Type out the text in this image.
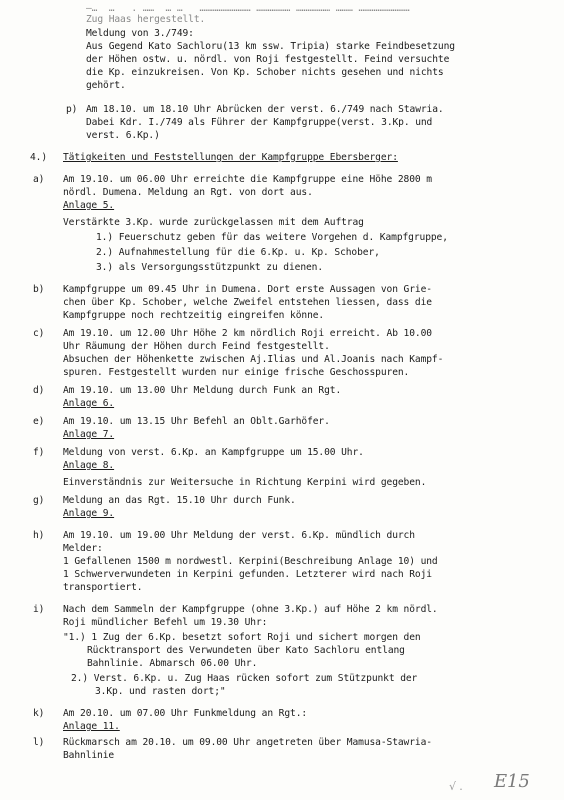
–…  …   . ……  … …   ……………………… ……………… ……………… ……… ………………………
Zug Haas hergestellt.
Meldung von 3./749:
Aus Gegend Kato Sachloru(13 km ssw. Tripia) starke Feindbesetzung
der Höhen ostw. u. nördl. von Roji festgestellt. Feind versuchte
die Kp. einzukreisen. Von Kp. Schober nichts gesehen und nichts
gehört.
p) Am 18.10. um 18.10 Uhr Abrücken der verst. 6./749 nach Stawria.
Dabei Kdr. I./749 als Führer der Kampfgruppe(verst. 3.Kp. und
verst. 6.Kp.)
4.) Tätigkeiten und Feststellungen der Kampfgruppe Ebersberger:
a) Am 19.10. um 06.00 Uhr erreichte die Kampfgruppe eine Höhe 2800 m
nördl. Dumena. Meldung an Rgt. von dort aus.
Anlage 5.
Verstärkte 3.Kp. wurde zurückgelassen mit dem Auftrag
1.) Feuerschutz geben für das weitere Vorgehen d. Kampfgruppe,
2.) Aufnahmestellung für die 6.Kp. u. Kp. Schober,
3.) als Versorgungsstützpunkt zu dienen.
b) Kampfgruppe um 09.45 Uhr in Dumena. Dort erste Aussagen von Grie-
chen über Kp. Schober, welche Zweifel entstehen liessen, dass die
Kampfgruppe noch rechtzeitig eingreifen könne.
c) Am 19.10. um 12.00 Uhr Höhe 2 km nördlich Roji erreicht. Ab 10.00
Uhr Räumung der Höhen durch Feind festgestellt.
Absuchen der Höhenkette zwischen Aj.Ilias und Al.Joanis nach Kampf-
spuren. Festgestellt wurden nur einige frische Geschosspuren.
d) Am 19.10. um 13.00 Uhr Meldung durch Funk an Rgt.
Anlage 6.
e) Am 19.10. um 13.15 Uhr Befehl an Oblt.Garhöfer.
Anlage 7.
f) Meldung von verst. 6.Kp. an Kampfgruppe um 15.00 Uhr.
Anlage 8.
Einverständnis zur Weitersuche in Richtung Kerpini wird gegeben.
g) Meldung an das Rgt. 15.10 Uhr durch Funk.
Anlage 9.
h) Am 19.10. um 19.00 Uhr Meldung der verst. 6.Kp. mündlich durch
Melder:
1 Gefallenen 1500 m nordwestl. Kerpini(Beschreibung Anlage 10) und
1 Schwerverwundeten in Kerpini gefunden. Letzterer wird nach Roji
transportiert.
i) Nach dem Sammeln der Kampfgruppe (ohne 3.Kp.) auf Höhe 2 km nördl.
Roji mündlicher Befehl um 19.30 Uhr:
"1.) 1 Zug der 6.Kp. besetzt sofort Roji und sichert morgen den
Rücktransport des Verwundeten über Kato Sachloru entlang
Bahnlinie. Abmarsch 06.00 Uhr.
2.) Verst. 6.Kp. u. Zug Haas rücken sofort zum Stützpunkt der
3.Kp. und rasten dort;"
k) Am 20.10. um 07.00 Uhr Funkmeldung an Rgt.:
Anlage 11.
l) Rückmarsch am 20.10. um 09.00 Uhr angetreten über Mamusa-Stawria-
Bahnlinie
√ . E15
